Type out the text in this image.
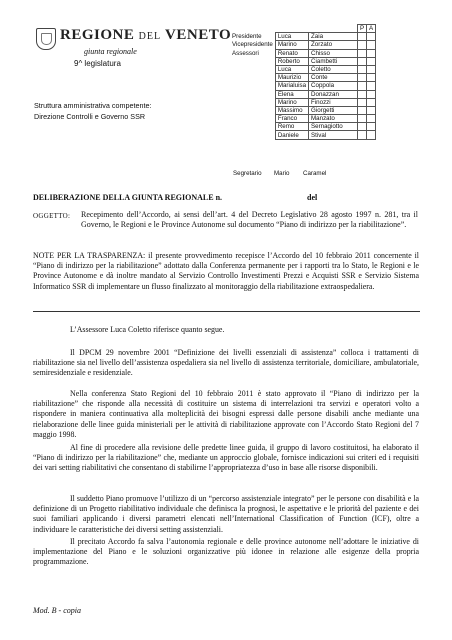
REGIONE DEL VENETO
giunta regionale
9^ legislatura
Struttura amministrativa competente:
Direzione Controlli e Governo SSR
			P	A
Presidente	Luca	Zaia		
Vicepresidente	Marino	Zorzato		
Assessori	Renato	Chisso		
	Roberto	Ciambetti		
	Luca	Coletto		
	Maurizio	Conte		
	Marialuisa	Coppola		
	Elena	Donazzan		
	Marino	Finozzi		
	Massimo	Giorgetti		
	Franco	Manzato		
	Remo	Sernagiotto		
	Daniele	Stival		
Segretario Mario Caramel
DELIBERAZIONE DELLA GIUNTA REGIONALE n.	del
OGGETTO: Recepimento dell’Accordo, ai sensi dell’art. 4 del Decreto Legislativo 28 agosto 1997 n. 281, tra il Governo, le Regioni e le Province Autonome sul documento “Piano di indirizzo per la riabilitazione”.
NOTE PER LA TRASPARENZA: il presente provvedimento recepisce l’Accordo del 10 febbraio 2011 concernente il “Piano di indirizzo per la riabilitazione” adottato dalla Conferenza permanente per i rapporti tra lo Stato, le Regioni e le Province Autonome e dà inoltre mandato al Servizio Controllo Investimenti Prezzi e Acquisti SSR e Servizio Sistema Informatico SSR di implementare un flusso finalizzato al monitoraggio della riabilitazione extraospedaliera.
L’Assessore Luca Coletto riferisce quanto segue.
Il DPCM 29 novembre 2001 “Definizione dei livelli essenziali di assistenza” colloca i trattamenti di riabilitazione sia nel livello dell’assistenza ospedaliera sia nel livello di assistenza territoriale, domiciliare, ambulatoriale, semiresidenziale e residenziale.
Nella conferenza Stato Regioni del 10 febbraio 2011 è stato approvato il “Piano di indirizzo per la riabilitazione” che risponde alla necessità di costituire un sistema di interrelazioni tra servizi e operatori volto a rispondere in maniera continuativa alla molteplicità dei bisogni espressi dalle persone disabili anche mediante una rielaborazione delle linee guida ministeriali per le attività di riabilitazione approvate con l’Accordo Stato Regioni del 7 maggio 1998.
Al fine di procedere alla revisione delle predette linee guida, il gruppo di lavoro costituitosi, ha elaborato il “Piano di indirizzo per la riabilitazione” che, mediante un approccio globale, fornisce indicazioni sui criteri ed i requisiti dei vari setting riabilitativi che consentano di stabilirne l’appropriatezza d’uso in base alle risorse disponibili.
Il suddetto Piano promuove l’utilizzo di un “percorso assistenziale integrato” per le persone con disabilità e la definizione di un Progetto riabilitativo individuale che definisca la prognosi, le aspettative e le priorità del paziente e dei suoi familiari applicando i diversi parametri elencati nell’International Classification of Function (ICF), oltre a individuare le caratteristiche dei diversi setting assistenziali.
Il precitato Accordo fa salva l’autonomia regionale e delle province autonome nell’adottare le iniziative di implementazione del Piano e le soluzioni organizzative più idonee in relazione alle esigenze della propria programmazione.
Mod. B - copia
